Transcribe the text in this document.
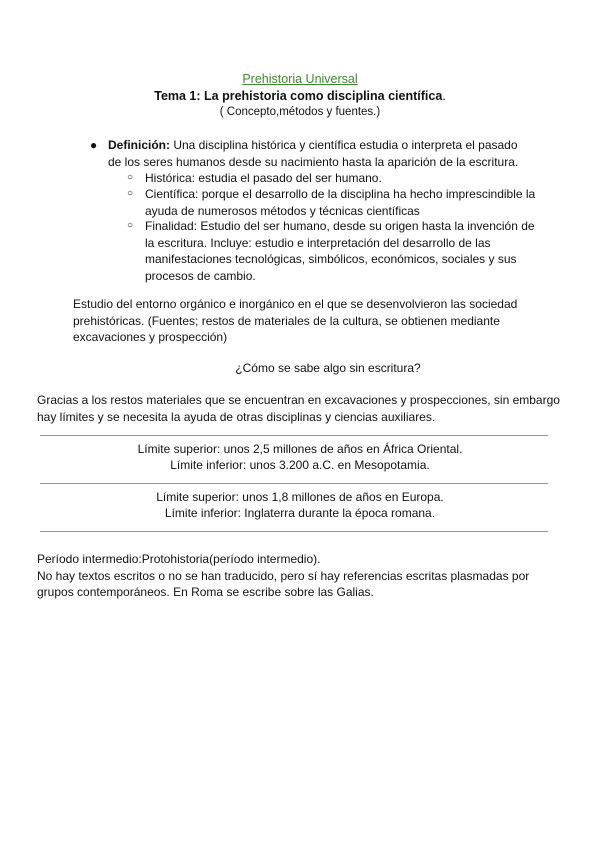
Prehistoria Universal
Tema 1: La prehistoria como disciplina científica.
( Concepto,métodos y fuentes.)
● Definición: Una disciplina histórica y científica estudia o interpreta el pasado de los seres humanos desde su nacimiento hasta la aparición de la escritura.
○ Histórica: estudia el pasado del ser humano.
○ Científica: porque el desarrollo de la disciplina ha hecho imprescindible la ayuda de numerosos métodos y técnicas científicas
○ Finalidad: Estudio del ser humano, desde su origen hasta la invención de la escritura. Incluye: estudio e interpretación del desarrollo de las manifestaciones tecnológicas, simbólicos, económicos, sociales y sus procesos de cambio.
Estudio del entorno orgánico e inorgánico en el que se desenvolvieron las sociedad prehistóricas. (Fuentes; restos de materiales de la cultura, se obtienen mediante excavaciones y prospección)
¿Cómo se sabe algo sin escritura?
Gracias a los restos materiales que se encuentran en excavaciones y prospecciones, sin embargo hay límites y se necesita la ayuda de otras disciplinas y ciencias auxiliares.
Límite superior: unos 2,5 millones de años en África Oriental.
Límite inferior: unos 3.200 a.C. en Mesopotamia.
Límite superior: unos 1,8 millones de años en Europa.
Límite inferior: Inglaterra durante la época romana.
Período intermedio:Protohistoria(período intermedio).
No hay textos escritos o no se han traducido, pero sí hay referencias escritas plasmadas por grupos contemporáneos. En Roma se escribe sobre las Galias.
